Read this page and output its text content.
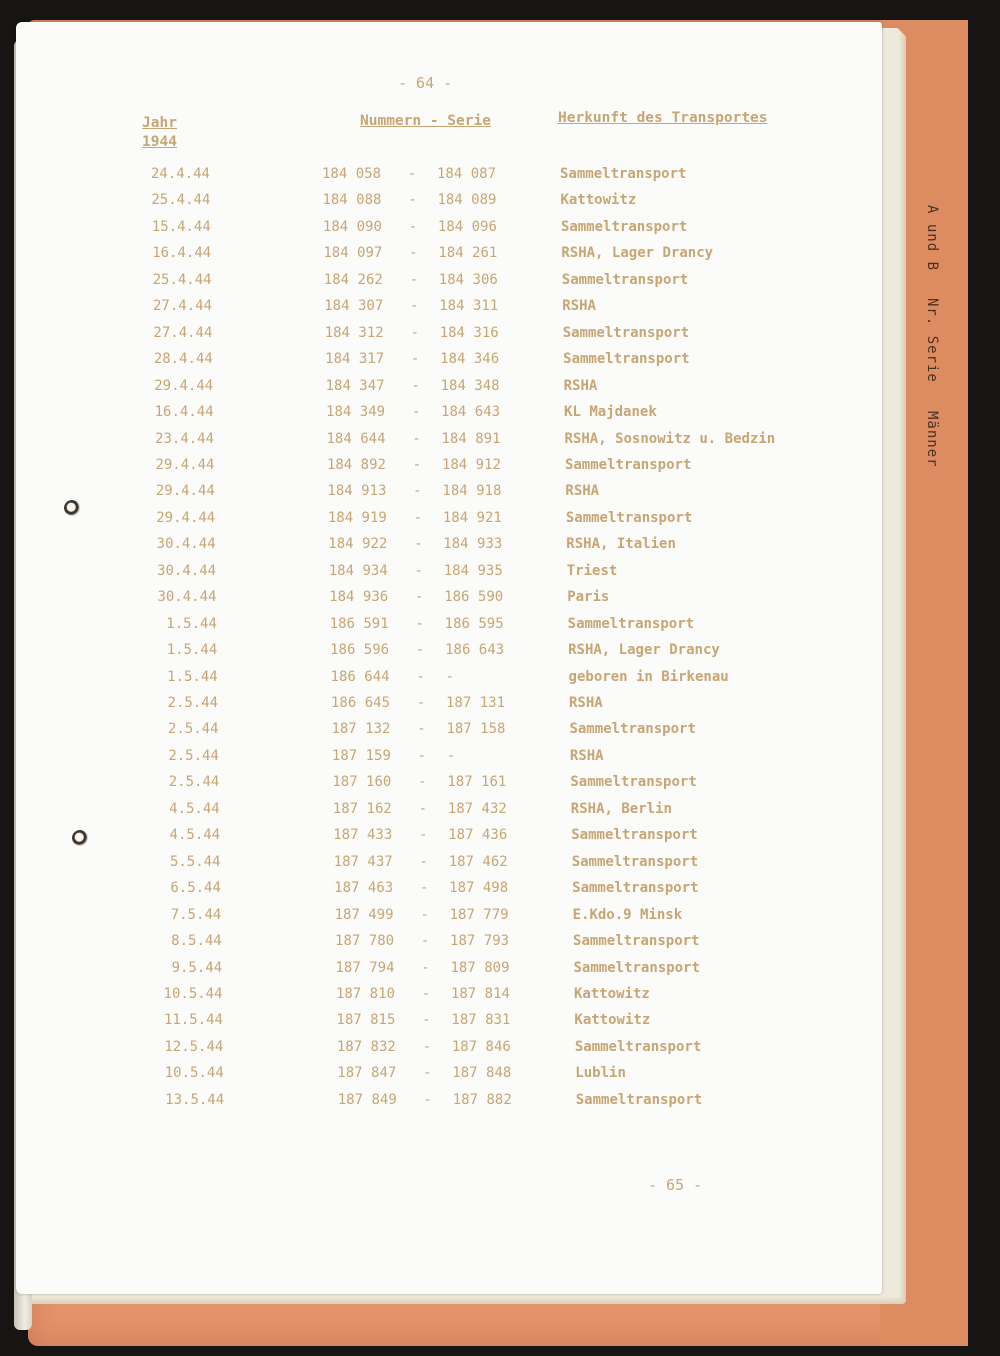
- 64 -
Jahr
1944
Nummern - Serie	Herkunft des Transportes
A und B Nr. Serie Männer
24.4.44	184 058	- 184 087	Sammeltransport
25.4.44	184 088	- 184 089	Kattowitz
15.4.44	184 090	- 184 096	Sammeltransport
16.4.44	184 097	- 184 261	RSHA, Lager Drancy
25.4.44	184 262	- 184 306	Sammeltransport
27.4.44	184 307	- 184 311	RSHA
27.4.44	184 312	- 184 316	Sammeltransport
28.4.44	184 317	- 184 346	Sammeltransport
29.4.44	184 347	- 184 348	RSHA
16.4.44	184 349	- 184 643	KL Majdanek
23.4.44	184 644	- 184 891	RSHA, Sosnowitz u. Bedzin
29.4.44	184 892	- 184 912	Sammeltransport
29.4.44	184 913	- 184 918	RSHA
29.4.44	184 919	- 184 921	Sammeltransport
30.4.44	184 922	- 184 933	RSHA, Italien
30.4.44	184 934	- 184 935	Triest
30.4.44	184 936	- 186 590	Paris
1.5.44	186 591	- 186 595	Sammeltransport
1.5.44	186 596	- 186 643	RSHA, Lager Drancy
1.5.44	186 644	- -	geboren in Birkenau
2.5.44	186 645	- 187 131	RSHA
2.5.44	187 132	- 187 158	Sammeltransport
2.5.44	187 159	- -	RSHA
2.5.44	187 160	- 187 161	Sammeltransport
4.5.44	187 162	- 187 432	RSHA, Berlin
4.5.44	187 433	- 187 436	Sammeltransport
5.5.44	187 437	- 187 462	Sammeltransport
6.5.44	187 463	- 187 498	Sammeltransport
7.5.44	187 499	- 187 779	E.Kdo.9 Minsk
8.5.44	187 780	- 187 793	Sammeltransport
9.5.44	187 794	- 187 809	Sammeltransport
10.5.44	187 810	- 187 814	Kattowitz
11.5.44	187 815	- 187 831	Kattowitz
12.5.44	187 832	- 187 846	Sammeltransport
10.5.44	187 847	- 187 848	Lublin
13.5.44	187 849	- 187 882	Sammeltransport
- 65 -
